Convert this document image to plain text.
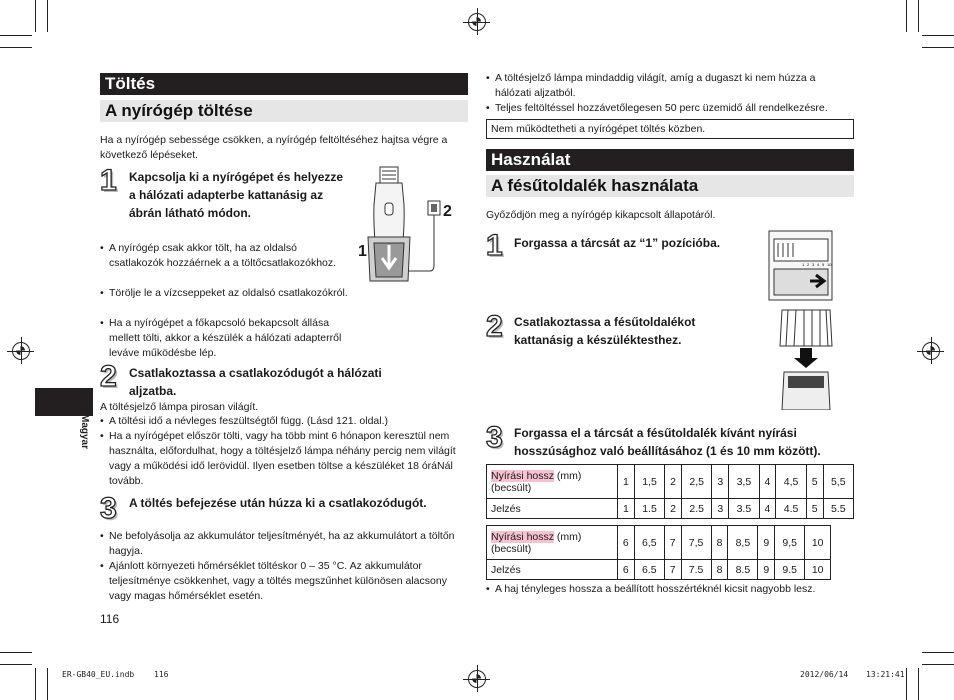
Magyar
Töltés
A nyírógép töltése
Ha a nyírógép sebessége csökken, a nyírógép feltöltéséhez hajtsa végre a következő lépéseket.
1 Kapcsolja ki a nyírógépet és helyezze a hálózati adapterbe kattanásig az ábrán látható módon.
• A nyírógép csak akkor tölt, ha az oldalsó csatlakozók hozzáérnek a a töltőcsatlakozókhoz.
• Törölje le a vízcseppeket az oldalsó csatlakozókról.
• Ha a nyírógépet a főkapcsoló bekapcsolt állása mellett tölti, akkor a készülék a hálózati adapterről leváve működésbe lép.
1
2
2 Csatlakoztassa a csatlakozódugót a hálózati aljzatba.
A töltésjelző lámpa pirosan világít.
• A töltési idő a névleges feszültségtől függ. (Lásd 121. oldal.)
• Ha a nyírógépet először tölti, vagy ha több mint 6 hónapon keresztül nem használta, előfordulhat, hogy a töltésjelző lámpa néhány percig nem világít vagy a működési idő lerövidül. Ilyen esetben töltse a készüléket 18 óráNál tovább.
3 A töltés befejezése után húzza ki a csatlakozódugót.
• Ne befolyásolja az akkumulátor teljesítményét, ha az akkumulátort a töltőn hagyja.
• Ajánlott környezeti hőmérséklet töltéskor 0 – 35 °C. Az akkumulátor teljesítménye csökkenhet, vagy a töltés megszűnhet különösen alacsony vagy magas hőmérséklet esetén.
116
• A töltésjelző lámpa mindaddig világít, amíg a dugaszt ki nem húzza a hálózati aljzatból.
• Teljes feltöltéssel hozzávetőlegesen 50 perc üzemidő áll rendelkezésre.
Nem működtetheti a nyírógépet töltés közben.
Használat
A fésűtoldalék használata
Győződjön meg a nyírógép kikapcsolt állapotáról.
1 Forgassa a tárcsát az “1” pozícióba.
1 2 3 4 5 10
2 Csatlakoztassa a fésűtoldalékot kattanásig a készüléktesthez.
3 Forgassa el a tárcsát a fésűtoldalék kívánt nyírási hosszúsághoz való beállításához (1 és 10 mm között).
Nyírási hossz (mm)
(becsült)	1	1,5	2	2,5	3	3,5	4	4,5	5	5,5
Jelzés	1	1.5	2	2.5	3	3.5	4	4.5	5	5.5
Nyírási hossz (mm)
(becsült)	6	6,5	7	7,5	8	8,5	9	9,5	10
Jelzés	6	6.5	7	7.5	8	8.5	9	9.5	10
• A haj tényleges hossza a beállított hosszértéknél kicsit nagyobb lesz.
ER-GB40_EU.indb 116	2012/06/14 13:21:41
